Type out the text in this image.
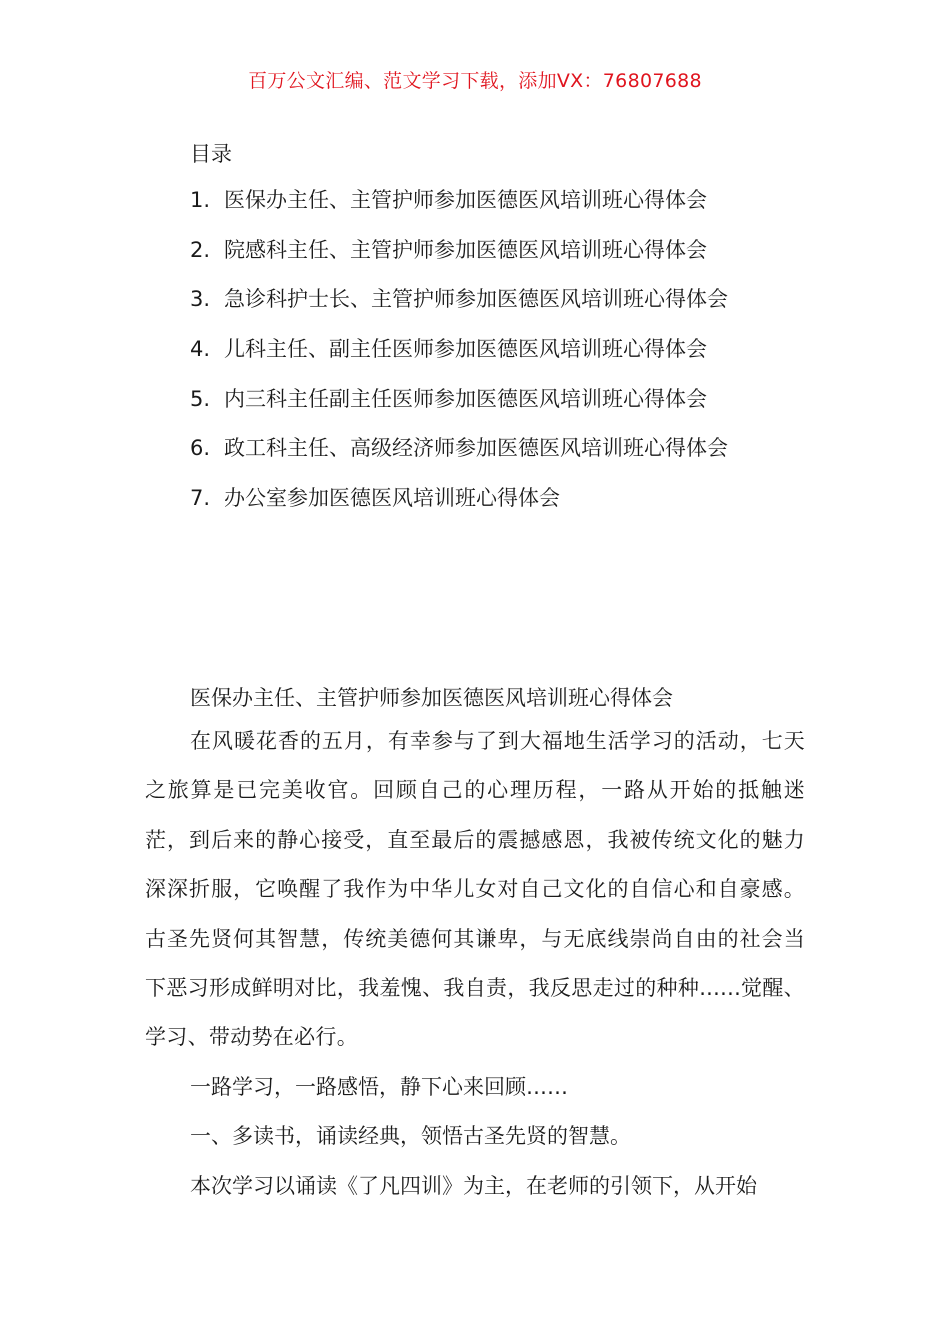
百万公文汇编、范文学习下载，添加VX：76807688
目录
1. 医保办主任、主管护师参加医德医风培训班心得体会
2. 院感科主任、主管护师参加医德医风培训班心得体会
3. 急诊科护士长、主管护师参加医德医风培训班心得体会
4. 儿科主任、副主任医师参加医德医风培训班心得体会
5. 内三科主任副主任医师参加医德医风培训班心得体会
6. 政工科主任、高级经济师参加医德医风培训班心得体会
7. 办公室参加医德医风培训班心得体会
医保办主任、主管护师参加医德医风培训班心得体会

在风暖花香的五月，有幸参与了到大福地生活学习的活动，七天之旅算是已完美收官。回顾自己的心理历程，一路从开始的抵触迷茫，到后来的静心接受，直至最后的震撼感恩，我被传统文化的魅力深深折服，它唤醒了我作为中华儿女对自己文化的自信心和自豪感。古圣先贤何其智慧，传统美德何其谦卑，与无底线崇尚自由的社会当下恶习形成鲜明对比，我羞愧、我自责，我反思走过的种种......觉醒、学习、带动势在必行。

一路学习，一路感悟，静下心来回顾……

一、多读书，诵读经典，领悟古圣先贤的智慧。

本次学习以诵读《了凡四训》为主，在老师的引领下，从开始
